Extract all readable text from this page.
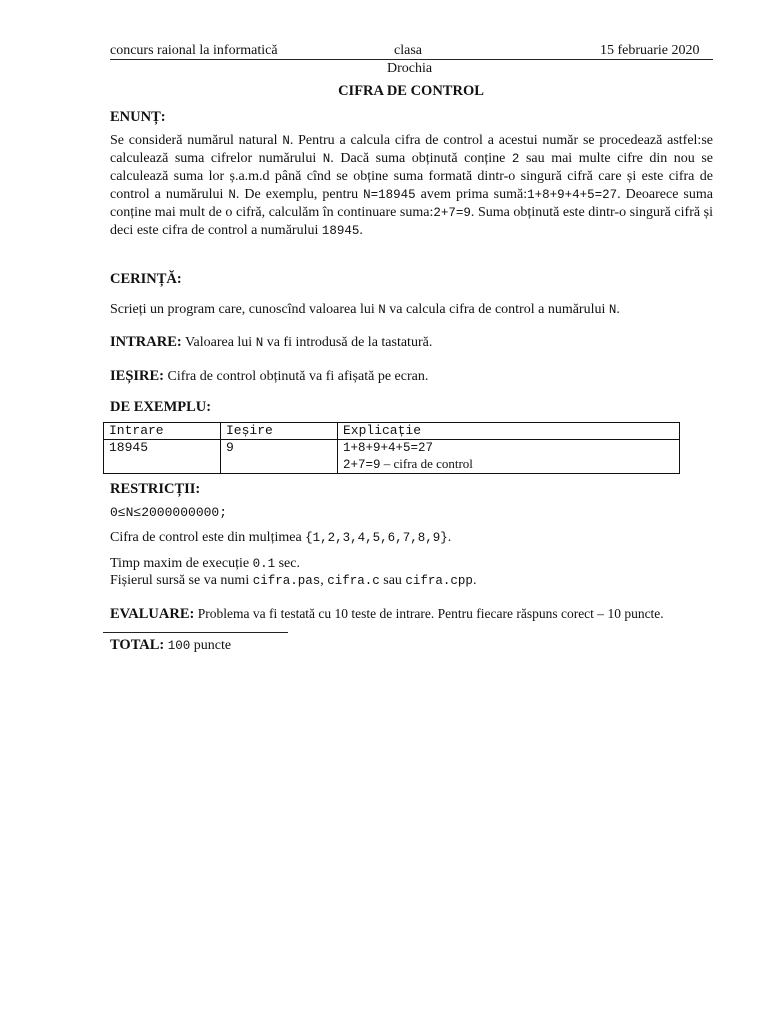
concurs raional la informatică	clasa	15 februarie 2020
Drochia
CIFRA DE CONTROL
ENUNȚ:
Se consideră numărul natural N. Pentru a calcula cifra de control a acestui număr se procedează astfel:se calculează suma cifrelor numărului N. Dacă suma obținută conține 2 sau mai multe cifre din nou se calculează suma lor ș.a.m.d până cînd se obține suma formată dintr-o singură cifră care și este cifra de control a numărului N. De exemplu, pentru N=18945 avem prima sumă:1+8+9+4+5=27. Deoarece suma conține mai mult de o cifră, calculăm în continuare suma:2+7=9. Suma obținută este dintr-o singură cifră și deci este cifra de control a numărului 18945.
CERINȚĂ:
Scrieți un program care, cunoscînd valoarea lui N va calcula cifra de control a numărului N.
INTRARE: Valoarea lui N va fi introdusă de la tastatură.
IEȘIRE: Cifra de control obținută va fi afișată pe ecran.
DE EXEMPLU:
Intrare	Ieșire	Explicație
18945	9	1+8+9+4+5=27
2+7=9 – cifra de control
RESTRICȚII:
0≤N≤2000000000;
Cifra de control este din mulțimea {1,2,3,4,5,6,7,8,9}.
Timp maxim de execuție 0.1 sec.
Fișierul sursă se va numi cifra.pas, cifra.c sau cifra.cpp.
EVALUARE: Problema va fi testată cu 10 teste de intrare. Pentru fiecare răspuns corect – 10 puncte.
TOTAL: 100 puncte
